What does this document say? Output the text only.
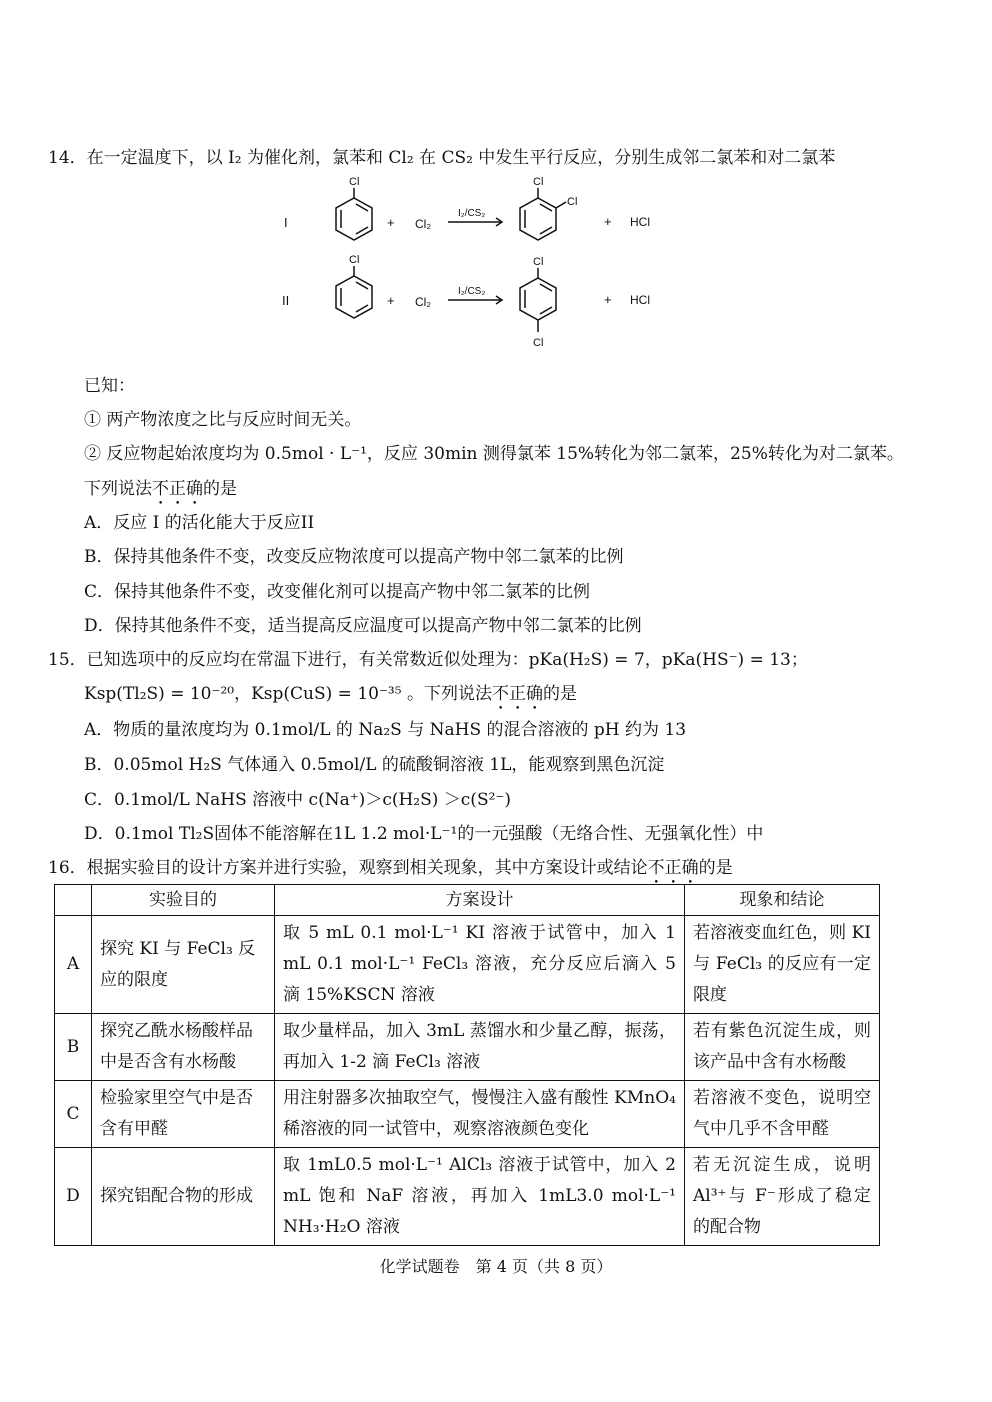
14．在一定温度下，以 I₂ 为催化剂，氯苯和 Cl₂ 在 CS₂ 中发生平行反应，分别生成邻二氯苯和对二氯苯
I
Cl
+ Cl₂
I₂/CS₂
Cl
Cl
+ HCl
II
Cl
+ Cl₂
I₂/CS₂
Cl
Cl
+ HCl
已知：
① 两产物浓度之比与反应时间无关。
② 反应物起始浓度均为 0.5mol · L⁻¹，反应 30min 测得氯苯 15%转化为邻二氯苯，25%转化为对二氯苯。
下列说法不正确的是
A．反应 I 的活化能大于反应II
B．保持其他条件不变，改变反应物浓度可以提高产物中邻二氯苯的比例
C．保持其他条件不变，改变催化剂可以提高产物中邻二氯苯的比例
D．保持其他条件不变，适当提高反应温度可以提高产物中邻二氯苯的比例
15．已知选项中的反应均在常温下进行，有关常数近似处理为：pKa(H₂S) = 7，pKa(HS⁻) = 13；
Ksp(Tl₂S) = 10⁻²⁰，Ksp(CuS) = 10⁻³⁵ 。下列说法不正确的是
A．物质的量浓度均为 0.1mol/L 的 Na₂S 与 NaHS 的混合溶液的 pH 约为 13
B．0.05mol H₂S 气体通入 0.5mol/L 的硫酸铜溶液 1L，能观察到黑色沉淀
C．0.1mol/L NaHS 溶液中 c(Na⁺)＞c(H₂S) ＞c(S²⁻)
D．0.1mol Tl₂S固体不能溶解在1L 1.2 mol·L⁻¹的一元强酸（无络合性、无强氧化性）中
16．根据实验目的设计方案并进行实验，观察到相关现象，其中方案设计或结论不正确的是
	实验目的	方案设计	现象和结论
A	探究 KI 与 FeCl₃ 反应的限度	取 5 mL 0.1 mol·L⁻¹ KI 溶液于试管中，加入 1 mL 0.1 mol·L⁻¹ FeCl₃ 溶液，充分反应后滴入 5 滴 15%KSCN 溶液	若溶液变血红色，则 KI 与 FeCl₃ 的反应有一定限度
B	探究乙酰水杨酸样品中是否含有水杨酸	取少量样品，加入 3mL 蒸馏水和少量乙醇，振荡，再加入 1-2 滴 FeCl₃ 溶液	若有紫色沉淀生成，则该产品中含有水杨酸
C	检验家里空气中是否含有甲醛	用注射器多次抽取空气，慢慢注入盛有酸性 KMnO₄ 稀溶液的同一试管中，观察溶液颜色变化	若溶液不变色，说明空气中几乎不含甲醛
D	探究铝配合物的形成	取 1mL0.5 mol·L⁻¹ AlCl₃ 溶液于试管中，加入 2 mL 饱和 NaF 溶液，再加入 1mL3.0 mol·L⁻¹ NH₃·H₂O 溶液	若无沉淀生成，说明 Al³⁺与 F⁻形成了稳定的配合物
化学试题卷　第 4 页（共 8 页）
